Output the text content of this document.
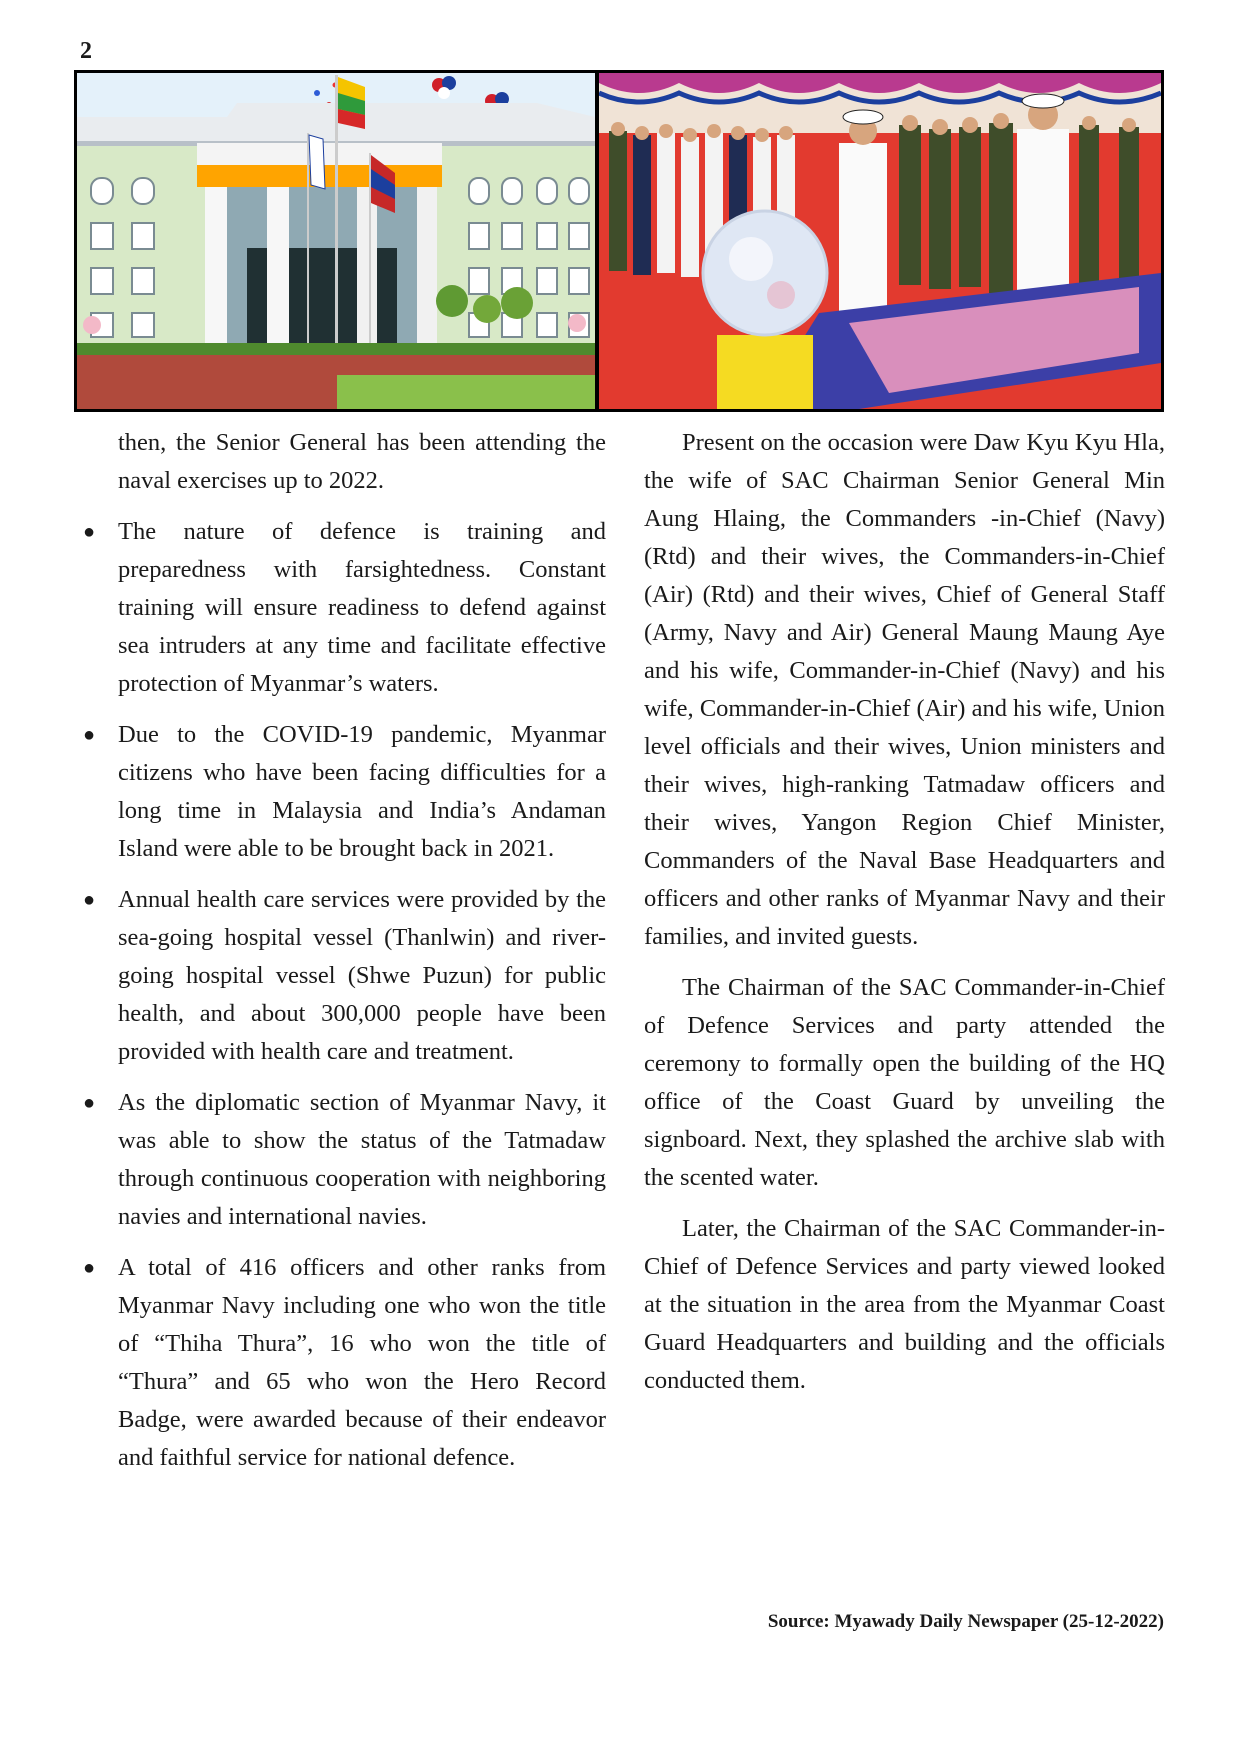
2

then, the Senior General has been attending the naval exercises up to 2022.

● The nature of defence is training and preparedness with farsightedness. Constant training will ensure readiness to defend against sea intruders at any time and facilitate effective protection of Myanmar’s waters.
● Due to the COVID-19 pandemic, Myanmar citizens who have been facing difficulties for a long time in Malaysia and India’s Andaman Island were able to be brought back in 2021.
● Annual health care services were provided by the sea-going hospital vessel (Thanlwin) and river-going hospital vessel (Shwe Puzun) for public health, and about 300,000 people have been provided with health care and treatment.
● As the diplomatic section of Myanmar Navy, it was able to show the status of the Tatmadaw through continuous cooperation with neighboring navies and international navies.
● A total of 416 officers and other ranks from Myanmar Navy including one who won the title of “Thiha Thura”, 16 who won the title of “Thura” and 65 who won the Hero Record Badge, were awarded because of their endeavor and faithful service for national defence.

Present on the occasion were Daw Kyu Kyu Hla, the wife of SAC Chairman Senior General Min Aung Hlaing, the Commanders -in-Chief (Navy) (Rtd) and their wives, the Commanders-in-Chief (Air) (Rtd) and their wives, Chief of General Staff (Army, Navy and Air) General Maung Maung Aye and his wife, Commander-in-Chief (Navy) and his wife, Commander-in-Chief (Air) and his wife, Union level officials and their wives, Union ministers and their wives, high-ranking Tatmadaw officers and their wives, Yangon Region Chief Minister, Commanders of the Naval Base Headquarters and officers and other ranks of Myanmar Navy and their families, and invited guests.

The Chairman of the SAC Commander-in-Chief of Defence Services and party attended the ceremony to formally open the building of the HQ office of the Coast Guard by unveiling the signboard. Next, they splashed the archive slab with the scented water.

Later, the Chairman of the SAC Commander-in-Chief of Defence Services and party viewed looked at the situation in the area from the Myanmar Coast Guard Headquarters and building and the officials conducted them.

Source: Myawady Daily Newspaper (25-12-2022)
